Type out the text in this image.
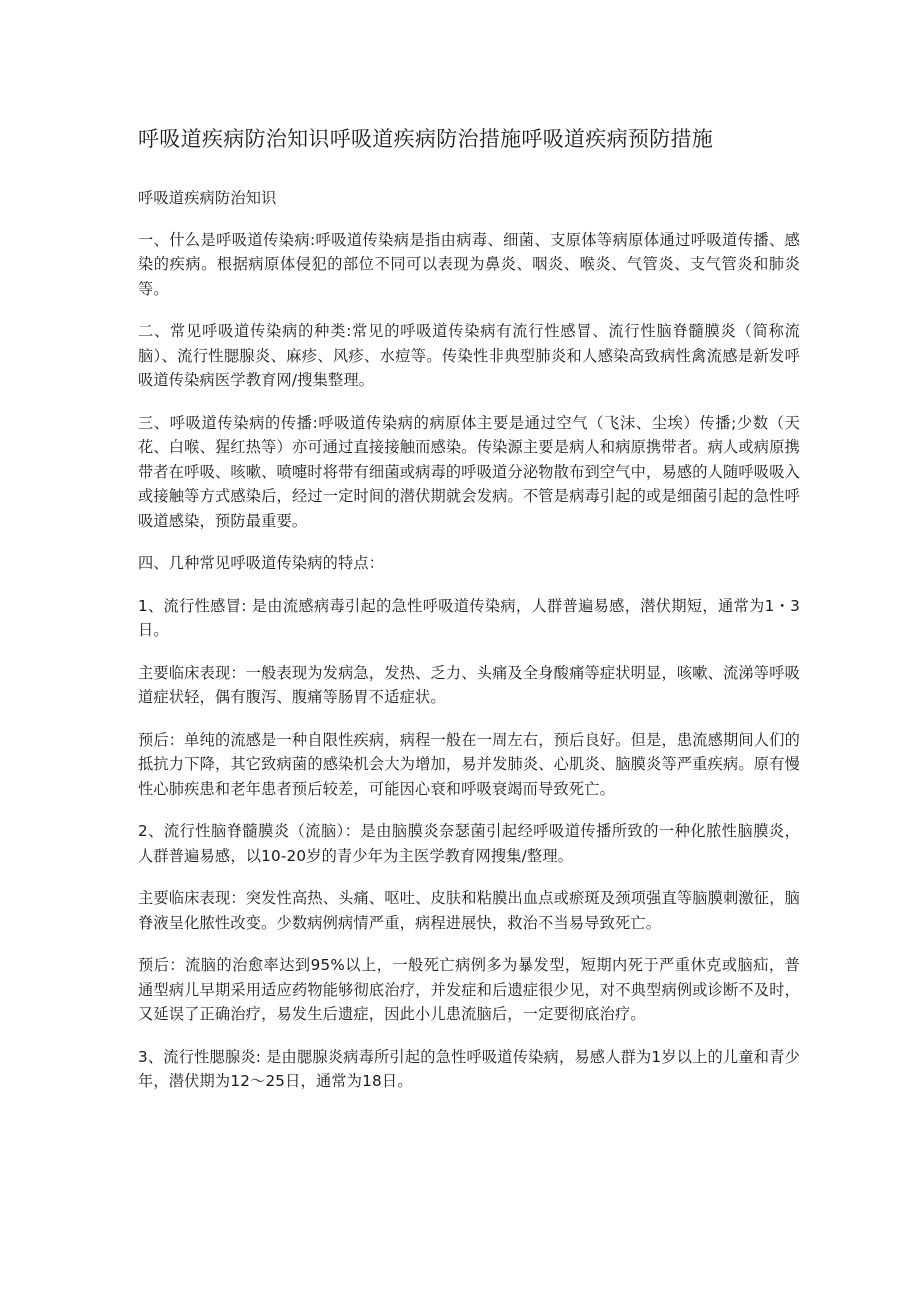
呼吸道疾病防治知识呼吸道疾病防治措施呼吸道疾病预防措施

呼吸道疾病防治知识

一、什么是呼吸道传染病:呼吸道传染病是指由病毒、细菌、支原体等病原体通过呼吸道传播、感染的疾病。根据病原体侵犯的部位不同可以表现为鼻炎、咽炎、喉炎、气管炎、支气管炎和肺炎等。

二、常见呼吸道传染病的种类:常见的呼吸道传染病有流行性感冒、流行性脑脊髓膜炎（简称流脑）、流行性腮腺炎、麻疹、风疹、水痘等。传染性非典型肺炎和人感染高致病性禽流感是新发呼吸道传染病医学教育网/搜集整理。

三、呼吸道传染病的传播:呼吸道传染病的病原体主要是通过空气（飞沫、尘埃）传播;少数（天花、白喉、猩红热等）亦可通过直接接触而感染。传染源主要是病人和病原携带者。病人或病原携带者在呼吸、咳嗽、喷嚏时将带有细菌或病毒的呼吸道分泌物散布到空气中，易感的人随呼吸吸入或接触等方式感染后，经过一定时间的潜伏期就会发病。不管是病毒引起的或是细菌引起的急性呼吸道感染，预防最重要。

四、几种常见呼吸道传染病的特点：

1、流行性感冒: 是由流感病毒引起的急性呼吸道传染病，人群普遍易感，潜伏期短，通常为1・3日。

主要临床表现：一般表现为发病急，发热、乏力、头痛及全身酸痛等症状明显，咳嗽、流涕等呼吸道症状轻，偶有腹泻、腹痛等肠胃不适症状。

预后：单纯的流感是一种自限性疾病，病程一般在一周左右，预后良好。但是，患流感期间人们的抵抗力下降，其它致病菌的感染机会大为增加，易并发肺炎、心肌炎、脑膜炎等严重疾病。原有慢性心肺疾患和老年患者预后较差，可能因心衰和呼吸衰竭而导致死亡。

2、流行性脑脊髓膜炎（流脑）：是由脑膜炎奈瑟菌引起经呼吸道传播所致的一种化脓性脑膜炎，人群普遍易感，以10-20岁的青少年为主医学教育网搜集/整理。

主要临床表现：突发性高热、头痛、呕吐、皮肤和粘膜出血点或瘀斑及颈项强直等脑膜刺激征，脑脊液呈化脓性改变。少数病例病情严重，病程进展快，救治不当易导致死亡。

预后：流脑的治愈率达到95%以上，一般死亡病例多为暴发型，短期内死于严重休克或脑疝，普通型病儿早期采用适应药物能够彻底治疗，并发症和后遗症很少见，对不典型病例或诊断不及时，又延误了正确治疗，易发生后遗症，因此小儿患流脑后，一定要彻底治疗。

3、流行性腮腺炎: 是由腮腺炎病毒所引起的急性呼吸道传染病，易感人群为1岁以上的儿童和青少年，潜伏期为12～25日，通常为18日。
